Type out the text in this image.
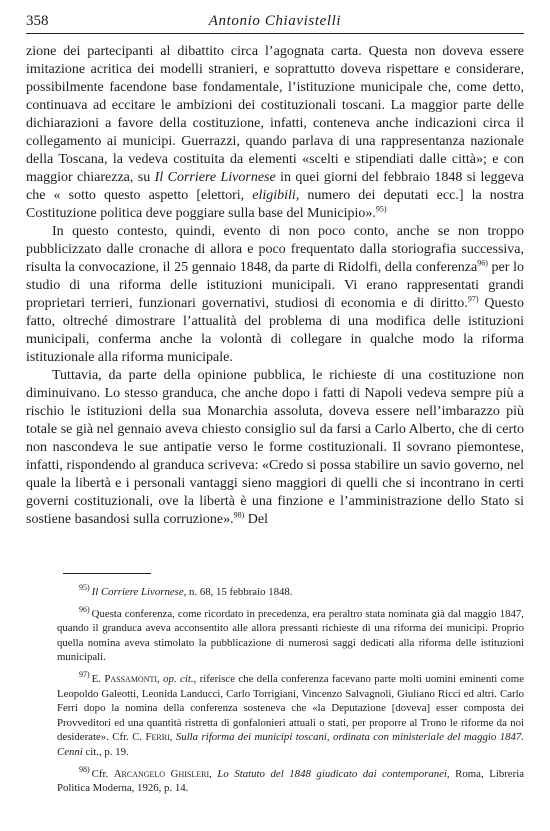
358	Antonio Chiavistelli

zione dei partecipanti al dibattito circa l’agognata carta. Questa non doveva essere imitazione acritica dei modelli stranieri, e soprattutto doveva rispettare e considerare, possibilmente facendone base fondamentale, l’istituzione municipale che, come detto, continuava ad eccitare le ambizioni dei costituzionali toscani. La maggior parte delle dichiarazioni a favore della costituzione, infatti, conteneva anche indicazioni circa il collegamento ai municipi. Guerrazzi, quando parlava di una rappresentanza nazionale della Toscana, la vedeva costituita da elementi «scelti e stipendiati dalle città»; e con maggior chiarezza, su Il Corriere Livornese in quei giorni del febbraio 1848 si leggeva che « sotto questo aspetto [elettori, eligibili, numero dei deputati ecc.] la nostra Costituzione politica deve poggiare sulla base del Municipio».$^{95)}$

In questo contesto, quindi, evento di non poco conto, anche se non troppo pubblicizzato dalle cronache di allora e poco frequentato dalla storiografia successiva, risulta la convocazione, il 25 gennaio 1848, da parte di Ridolfi, della conferenza$^{96)}$ per lo studio di una riforma delle istituzioni municipali. Vi erano rappresentati grandi proprietari terrieri, funzionari governativi, studiosi di economia e di diritto.$^{97)}$ Questo fatto, oltreché dimostrare l’attualità del problema di una modifica delle istituzioni municipali, conferma anche la volontà di collegare in qualche modo la riforma istituzionale alla riforma municipale.

Tuttavia, da parte della opinione pubblica, le richieste di una costituzione non diminuivano. Lo stesso granduca, che anche dopo i fatti di Napoli vedeva sempre più a rischio le istituzioni della sua Monarchia assoluta, doveva essere nell’imbarazzo più totale se già nel gennaio aveva chiesto consiglio sul da farsi a Carlo Alberto, che di certo non nascondeva le sue antipatie verso le forme costituzionali. Il sovrano piemontese, infatti, rispondendo al granduca scriveva: «Credo si possa stabilire un savio governo, nel quale la libertà e i personali vantaggi sieno maggiori di quelli che si incontrano in certi governi costituzionali, ove la libertà è una finzione e l’amministrazione dello Stato si sostiene basandosi sulla corruzione».$^{98)}$ Del

$^{95)}$ Il Corriere Livornese, n. 68, 15 febbraio 1848.

$^{96)}$ Questa conferenza, come ricordato in precedenza, era peraltro stata nominata già dal maggio 1847, quando il granduca aveva acconsentito alle allora pressanti richieste di una riforma dei municipi. Proprio quella nomina aveva stimolato la pubblicazione di numerosi saggi dedicati alla riforma delle istituzioni municipali.

$^{97)}$ E. Passamonti, op. cit., riferisce che della conferenza facevano parte molti uomini eminenti come Leopoldo Galeotti, Leonida Landucci, Carlo Torrigiani, Vincenzo Salvagnoli, Giuliano Ricci ed altri. Carlo Ferri dopo la nomina della conferenza sosteneva che «la Deputazione [doveva] esser composta dei Provveditori ed una quantità ristretta di gonfalonieri attuali o stati, per proporre al Trono le riforme da noi desiderate». Cfr. C. Ferri, Sulla riforma dei municipi toscani, ordinata con ministeriale del maggio 1847. Cenni cit., p. 19.

$^{98)}$ Cfr. Arcangelo Ghisleri, Lo Statuto del 1848 giudicato dai contemporanei, Roma, Libreria Politica Moderna, 1926, p. 14.
